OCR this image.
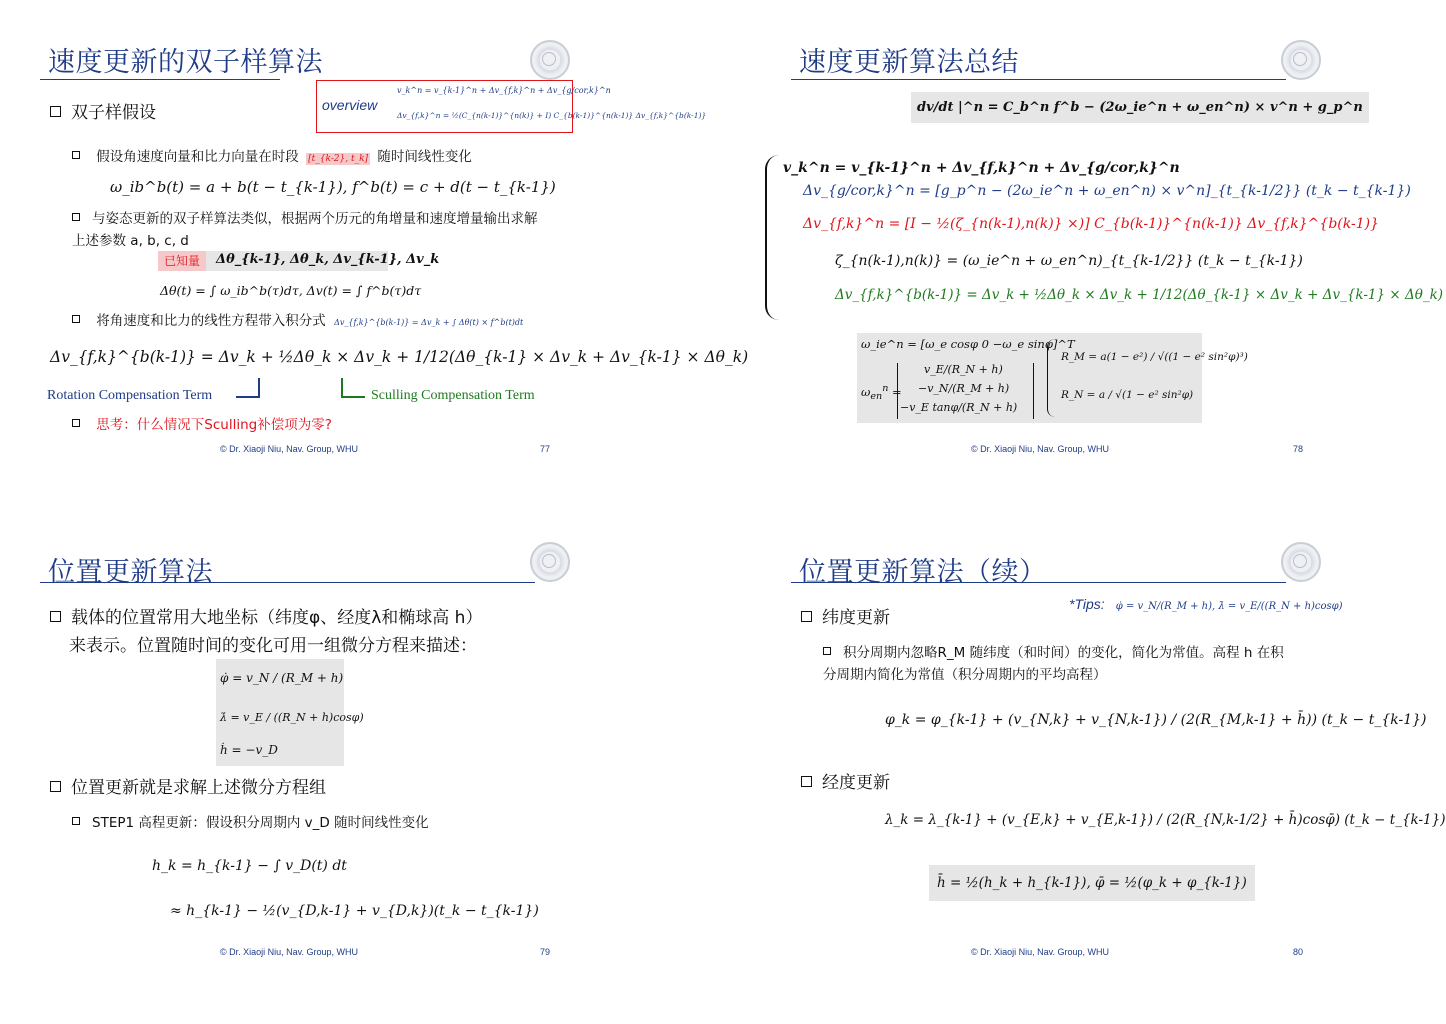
速度更新的双子样算法
双子样假设	overview
v_k^n = v_{k-1}^n + Δv_{f,k}^n + Δv_{g/cor,k}^n
Δv_{f,k}^n = ½(C_{n(k-1)}^{n(k)} + I) C_{b(k-1)}^{n(k-1)} Δv_{f,k}^{b(k-1)}
假设角速度向量和比力向量在时段 [t_{k-2}, t_k] 随时间线性变化
ω_ib^b(t) = a + b(t − t_{k-1}), f^b(t) = c + d(t − t_{k-1})
与姿态更新的双子样算法类似，根据两个历元的角增量和速度增量输出求解上述参数 a, b, c, d
已知量	Δθ_{k-1}, Δθ_k, Δv_{k-1}, Δv_k
Δθ(t) = ∫ ω_ib^b(τ)dτ, Δv(t) = ∫ f^b(τ)dτ
将角速度和比力的线性方程带入积分式 Δv_{f,k}^{b(k-1)} = Δv_k + ∫ Δθ(t) × f^b(t)dt
Δv_{f,k}^{b(k-1)} = Δv_k + ½Δθ_k × Δv_k + 1/12(Δθ_{k-1} × Δv_k + Δv_{k-1} × Δθ_k)
Rotation Compensation Term	Sculling Compensation Term
思考：什么情况下Sculling补偿项为零?
© Dr. Xiaoji Niu, Nav. Group, WHU	77
速度更新算法总结
dv/dt |^n = C_b^n f^b − (2ω_ie^n + ω_en^n) × v^n + g_p^n
v_k^n = v_{k-1}^n + Δv_{f,k}^n + Δv_{g/cor,k}^n
Δv_{g/cor,k}^n = [g_p^n − (2ω_ie^n + ω_en^n) × v^n]_{t_{k-1/2}} (t_k − t_{k-1})
Δv_{f,k}^n = [I − ½(ζ_{n(k-1),n(k)} ×)] C_{b(k-1)}^{n(k-1)} Δv_{f,k}^{b(k-1)}
ζ_{n(k-1),n(k)} = (ω_ie^n + ω_en^n)_{t_{k-1/2}} (t_k − t_{k-1})
Δv_{f,k}^{b(k-1)} = Δv_k + ½Δθ_k × Δv_k + 1/12(Δθ_{k-1} × Δv_k + Δv_{k-1} × Δθ_k)
ω_ie^n = [ω_e cosφ 0 −ω_e sinφ]^T
$\omega_{en}^n$ =
v_E/(R_N + h)
−v_N/(R_M + h)
−v_E tanφ/(R_N + h)
R_M = a(1 − e²) / √((1 − e² sin²φ)³)
R_N = a / √(1 − e² sin²φ)
© Dr. Xiaoji Niu, Nav. Group, WHU	78
位置更新算法
载体的位置常用大地坐标（纬度φ、经度λ和椭球高 h）
来表示。位置随时间的变化可用一组微分方程来描述：
φ̇ = v_N / (R_M + h)
λ̇ = v_E / ((R_N + h)cosφ)
ḣ = −v_D
位置更新就是求解上述微分方程组
STEP1 高程更新：假设积分周期内 v_D 随时间线性变化
h_k = h_{k-1} − ∫ v_D(t) dt
≈ h_{k-1} − ½(v_{D,k-1} + v_{D,k})(t_k − t_{k-1})
© Dr. Xiaoji Niu, Nav. Group, WHU	79
位置更新算法（续）
纬度更新
*Tips: φ̇ = v_N/(R_M + h), λ̇ = v_E/((R_N + h)cosφ)
积分周期内忽略R_M 随纬度（和时间）的变化，简化为常值。高程 h 在积分周期内简化为常值（积分周期内的平均高程）
φ_k = φ_{k-1} + (v_{N,k} + v_{N,k-1}) / (2(R_{M,k-1} + h̄)) (t_k − t_{k-1})
经度更新
λ_k = λ_{k-1} + (v_{E,k} + v_{E,k-1}) / (2(R_{N,k-1/2} + h̄)cosφ̄) (t_k − t_{k-1})
h̄ = ½(h_k + h_{k-1}), φ̄ = ½(φ_k + φ_{k-1})
© Dr. Xiaoji Niu, Nav. Group, WHU	80
